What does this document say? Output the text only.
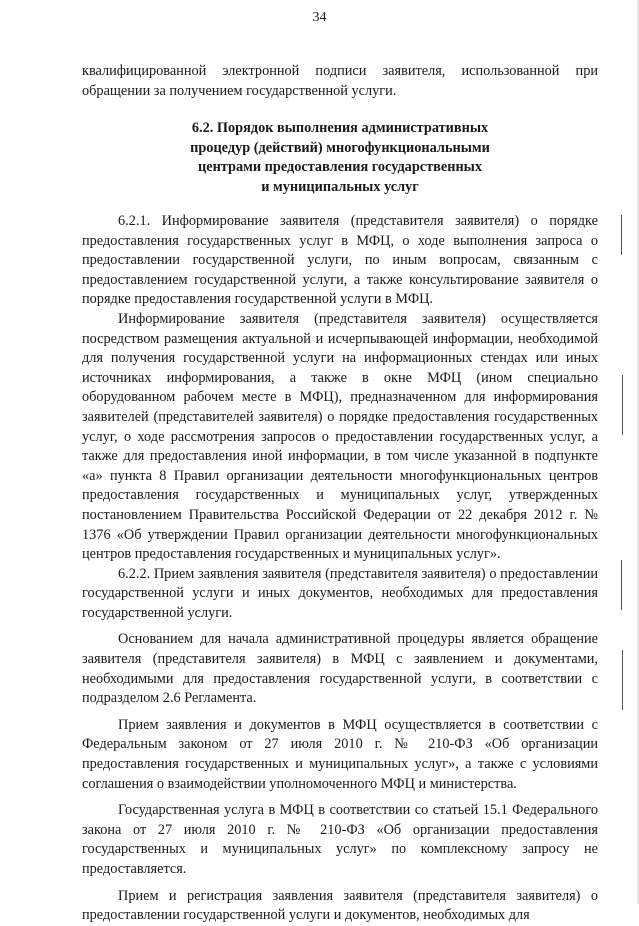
34

квалифицированной электронной подписи заявителя, использованной при обращении за получением государственной услуги.

6.2. Порядок выполнения административных
процедур (действий) многофункциональными
центрами предоставления государственных
и муниципальных услуг

6.2.1. Информирование заявителя (представителя заявителя) о порядке предоставления государственных услуг в МФЦ, о ходе выполнения запроса о предоставлении государственной услуги, по иным вопросам, связанным с предоставлением государственной услуги, а также консультирование заявителя о порядке предоставления государственной услуги в МФЦ.

Информирование заявителя (представителя заявителя) осуществляется посредством размещения актуальной и исчерпывающей информации, необходимой для получения государственной услуги на информационных стендах или иных источниках информирования, а также в окне МФЦ (ином специально оборудованном рабочем месте в МФЦ), предназначенном для информирования заявителей (представителей заявителя) о порядке предоставления государственных услуг, о ходе рассмотрения запросов о предоставлении государственных услуг, а также для предоставления иной информации, в том числе указанной в подпункте «а» пункта 8 Правил организации деятельности многофункциональных центров предоставления государственных и муниципальных услуг, утвержденных постановлением Правительства Российской Федерации от 22 декабря 2012 г. № 1376 «Об утверждении Правил организации деятельности многофункциональных центров предоставления государственных и муниципальных услуг».

6.2.2. Прием заявления заявителя (представителя заявителя) о предоставлении государственной услуги и иных документов, необходимых для предоставления государственной услуги.

Основанием для начала административной процедуры является обращение заявителя (представителя заявителя) в МФЦ с заявлением и документами, необходимыми для предоставления государственной услуги, в соответствии с подразделом 2.6 Регламента.

Прием заявления и документов в МФЦ осуществляется в соответствии с Федеральным законом от 27 июля 2010 г. № 210-ФЗ «Об организации предоставления государственных и муниципальных услуг», а также с условиями соглашения о взаимодействии уполномоченного МФЦ и министерства.

Государственная услуга в МФЦ в соответствии со статьей 15.1 Федерального закона от 27 июля 2010 г. № 210-ФЗ «Об организации предоставления государственных и муниципальных услуг» по комплексному запросу не предоставляется.

Прием и регистрация заявления заявителя (представителя заявителя) о предоставлении государственной услуги и документов, необходимых для
